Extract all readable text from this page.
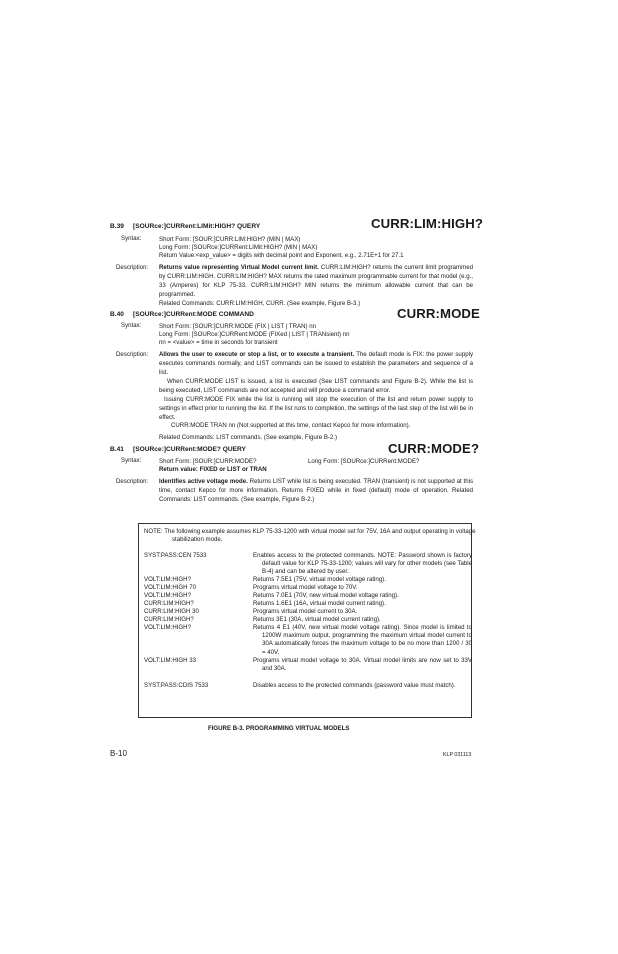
B.39 [SOURce:]CURRent:LIMit:HIGH? QUERY	CURR:LIM:HIGH?
Syntax:	Short Form: [SOUR:]CURR:LIM:HIGH? (MIN | MAX)
Long Form: [SOURce:]CURRent:LIMit:HIGH? (MIN | MAX)
Return Value:<exp_value> = digits with decimal point and Exponent, e.g., 2.71E+1 for 27.1
Description: Returns value representing Virtual Model current limit. CURR:LIM:HIGH? returns the current limit programmed by CURR:LIM:HIGH. CURR:LIM:HIGH? MAX returns the rated maximum programmable current for that model (e.g., 33 (Amperes) for KLP 75-33. CURR:LIM:HIGH? MIN returns the minimum allowable current that can be programmed.

Related Commands: CURR:LIM:HIGH, CURR. (See example, Figure B-3.)

B.40 [SOURce:]CURRent:MODE COMMAND	CURR:MODE
Syntax:	Short Form: [SOUR:]CURR:MODE (FIX | LIST | TRAN) nn
Long Form: [SOURce:]CURRent:MODE (FIXed | LIST | TRANsient) nn
nn = <value> = time in seconds for transient
Description: Allows the user to execute or stop a list, or to execute a transient. The default mode is FIX: the power supply executes commands normally, and LIST commands can be issued to establish the parameters and sequence of a list.

When CURR:MODE LIST is issued, a list is executed (See LIST commands and Figure B-2). While the list is being executed, LIST commands are not accepted and will produce a command error.
Issuing CURR:MODE FIX while the list is running will stop the execution of the list and return power supply to settings in effect prior to running the list. If the list runs to completion, the settings of the last step of the list will be in effect.
CURR:MODE TRAN nn (Not supported at this time, contact Kepco for more information).
Related Commands: LIST commands. (See example, Figure B-2.)
B.41 [SOURce:]CURRent:MODE? QUERY	CURR:MODE?
Syntax:	Short Form: [SOUR:]CURR:MODE?	Long Form: [SOURce:]CURRent:MODE?
Return value: FIXED or LIST or TRAN
Description: Identifies active voltage mode. Returns LIST while list is being executed. TRAN (transient) is not supported at this time, contact Kepco for more information. Returns FIXED while in fixed (default) mode of operation. Related Commands: LIST commands. (See example, Figure B-2.)

NOTE: The following example assumes KLP 75-33-1200 with virtual model set for 75V, 16A and output operating in voltage stabilization mode.
SYST:PASS:CEN 7533	Enables access to the protected commands. NOTE: Password shown is factory default value for KLP 75-33-1200; values will vary for other models (see Table B-4) and can be altered by user.
VOLT:LIM:HIGH?	Returns 7.5E1 (75V, virtual model voltage rating).
VOLT:LIM:HIGH 70	Programs virtual model voltage to 70V.
VOLT:LIM:HIGH?	Returns 7.0E1 (70V, new virtual model voltage rating).
CURR:LIM:HIGH?	Returns 1.6E1 (16A, virtual model current rating).
CURR:LIM:HIGH 30	Programs virtual model current to 30A.
CURR:LIM:HIGH?	Returns 3E1 (30A, virtual model current rating).
VOLT:LIM:HIGH?	Returns 4 E1 (40V, new virtual model voltage rating). Since model is limited to 1200W maximum output, programming the maximum virtual model current to 30A automatically forces the maximum voltage to be no more than 1200 / 30 = 40V.
VOLT:LIM:HIGH 33	Programs virtual model voltage to 30A. Virtual model limits are now set to 33V and 30A.
SYST:PASS:CDIS 7533	Disables access to the protected commands (password value must match).
FIGURE B-3. PROGRAMMING VIRTUAL MODELS
B-10	KLP 031113
